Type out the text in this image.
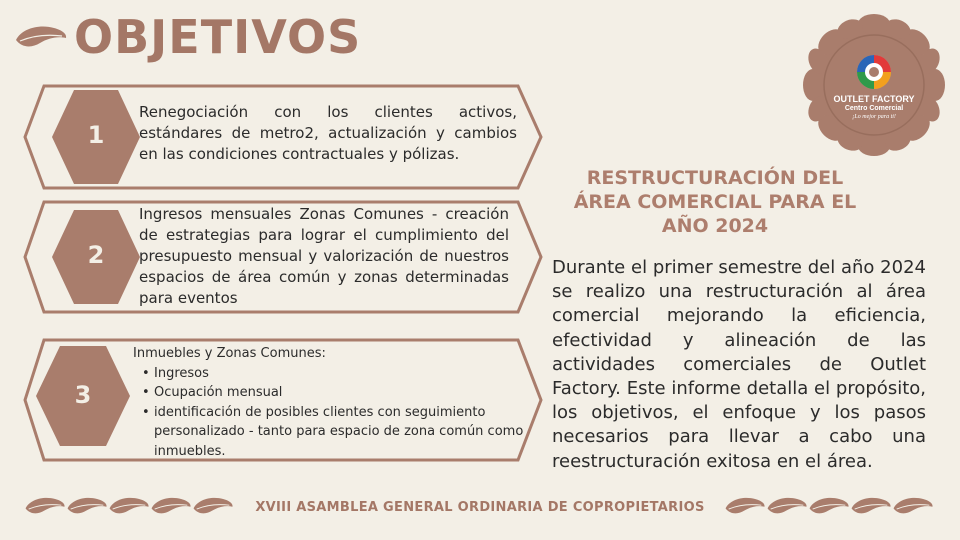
OBJETIVOS
1
Renegociación con los clientes activos, estándares de metro2, actualización y cambios en las condiciones contractuales y pólizas.
2
Ingresos mensuales Zonas Comunes - creación de estrategias para lograr el cumplimiento del presupuesto mensual y valorización de nuestros espacios de área común y zonas determinadas para eventos
3
Inmuebles y Zonas Comunes:
• Ingresos
• Ocupación mensual
• identificación de posibles clientes con seguimiento personalizado - tanto para espacio de zona común como inmuebles.
RESTRUCTURACIÓN DEL ÁREA COMERCIAL PARA EL AÑO 2024
Durante el primer semestre del año 2024 se realizo una restructuración al área comercial mejorando la eficiencia, efectividad y alineación de las actividades comerciales de Outlet Factory. Este informe detalla el propósito, los objetivos, el enfoque y los pasos necesarios para llevar a cabo una reestructuración exitosa en el área.
OUTLET FACTORY
Centro Comercial
¡Lo mejor para ti!
XVIII ASAMBLEA GENERAL ORDINARIA DE COPROPIETARIOS
